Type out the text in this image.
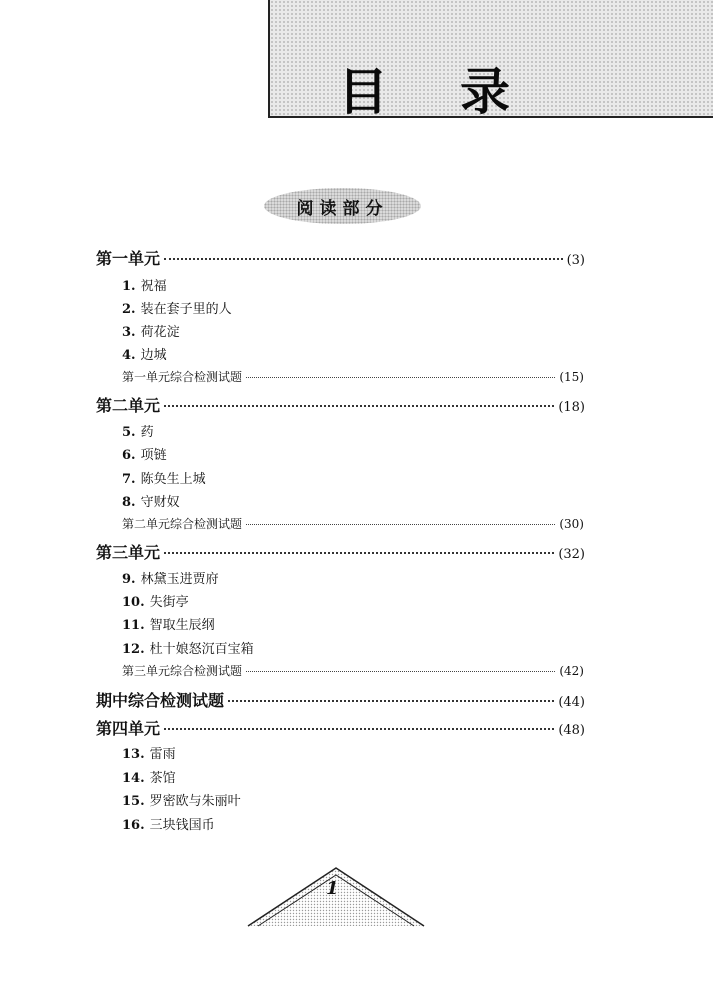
目 录
阅读部分
第一单元	(3)
1. 祝福
2. 装在套子里的人
3. 荷花淀
4. 边城
第一单元综合检测试题	(15)
第二单元	(18)
5. 药
6. 项链
7. 陈奂生上城
8. 守财奴
第二单元综合检测试题	(30)
第三单元	(32)
9. 林黛玉进贾府
10. 失街亭
11. 智取生辰纲
12. 杜十娘怒沉百宝箱
第三单元综合检测试题	(42)
期中综合检测试题	(44)
第四单元	(48)
13. 雷雨
14. 茶馆
15. 罗密欧与朱丽叶
16. 三块钱国币
1
